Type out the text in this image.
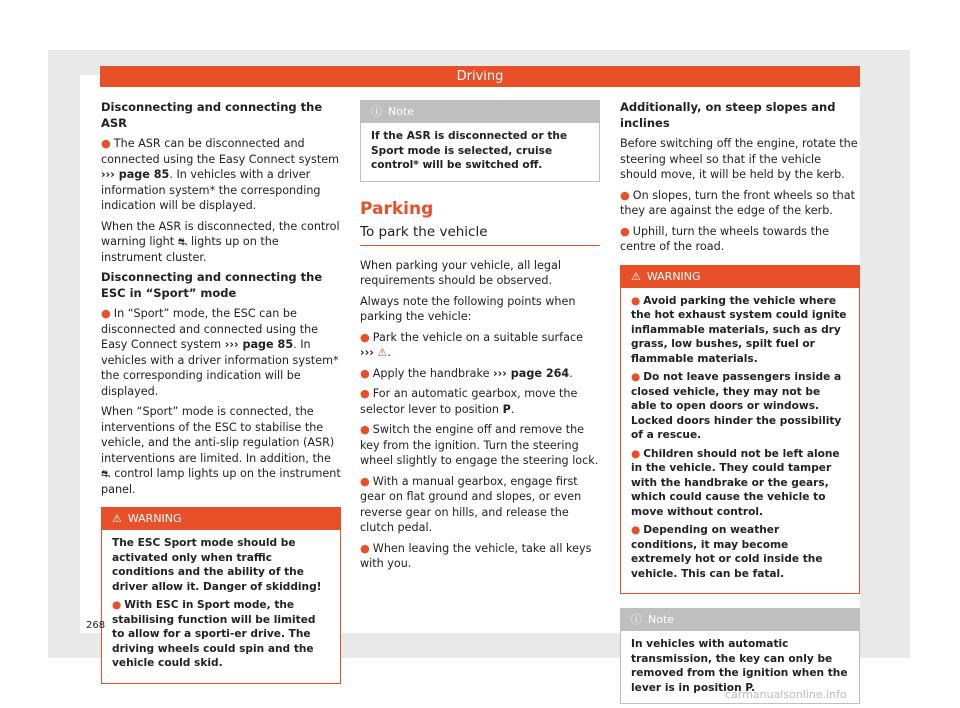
Driving
Disconnecting and connecting the ASR

● The ASR can be disconnected and connected using the Easy Connect system ››› page 85. In vehicles with a driver information system* the corresponding indication will be displayed.

When the ASR is disconnected, the control warning light ⛐ lights up on the instrument cluster.

Disconnecting and connecting the ESC in “Sport” mode

● In “Sport” mode, the ESC can be disconnected and connected using the Easy Connect system ››› page 85. In vehicles with a driver information system* the corresponding indication will be displayed.

When “Sport” mode is connected, the interventions of the ESC to stabilise the vehicle, and the anti-slip regulation (ASR) interventions are limited. In addition, the ⛐ control lamp lights up on the instrument panel.

⚠ WARNING

The ESC Sport mode should be activated only when traffic conditions and the ability of the driver allow it. Danger of skidding!

● With ESC in Sport mode, the stabilising function will be limited to allow for a sporti-er drive. The driving wheels could spin and the vehicle could skid.

ⓘ Note
If the ASR is disconnected or the Sport mode is selected, cruise control* will be switched off.
Parking
To park the vehicle

When parking your vehicle, all legal requirements should be observed.

Always note the following points when parking the vehicle:

● Park the vehicle on a suitable surface ››› ⚠.

● Apply the handbrake ››› page 264.

● For an automatic gearbox, move the selector lever to position P.

● Switch the engine off and remove the key from the ignition. Turn the steering wheel slightly to engage the steering lock.

● With a manual gearbox, engage first gear on flat ground and slopes, or even reverse gear on hills, and release the clutch pedal.

● When leaving the vehicle, take all keys with you.

Additionally, on steep slopes and inclines

Before switching off the engine, rotate the steering wheel so that if the vehicle should move, it will be held by the kerb.

● On slopes, turn the front wheels so that they are against the edge of the kerb.

● Uphill, turn the wheels towards the centre of the road.

⚠ WARNING

● Avoid parking the vehicle where the hot exhaust system could ignite inflammable materials, such as dry grass, low bushes, spilt fuel or flammable materials.

● Do not leave passengers inside a closed vehicle, they may not be able to open doors or windows. Locked doors hinder the possibility of a rescue.

● Children should not be left alone in the vehicle. They could tamper with the handbrake or the gears, which could cause the vehicle to move without control.

● Depending on weather conditions, it may become extremely hot or cold inside the vehicle. This can be fatal.

ⓘ Note
In vehicles with automatic transmission, the key can only be removed from the ignition when the lever is in position P.
268
carmanualsonline.info
